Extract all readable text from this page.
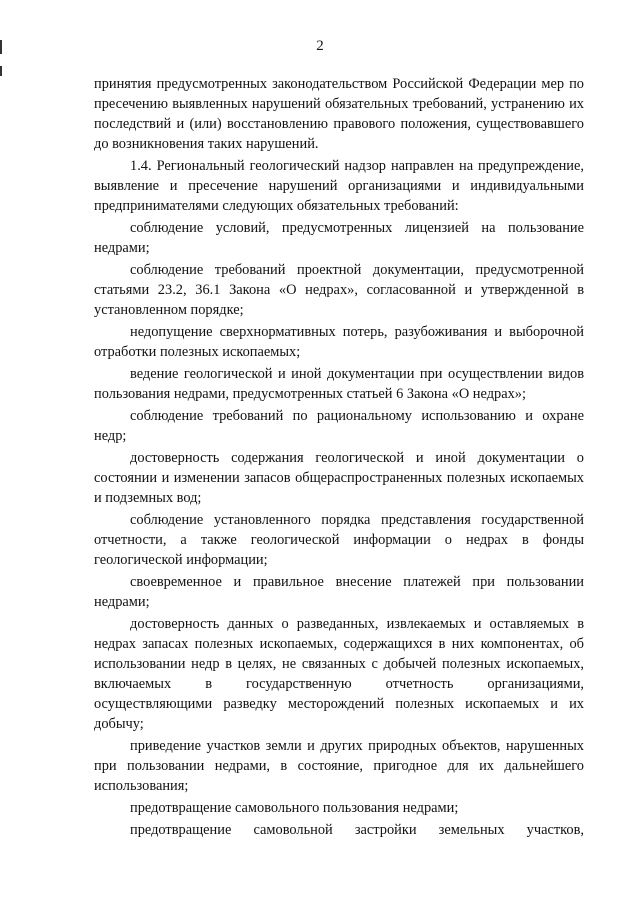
2

принятия предусмотренных законодательством Российской Федерации мер по пресечению выявленных нарушений обязательных требований, устранению их последствий и (или) восстановлению правового положения, существовавшего до возникновения таких нарушений.

1.4. Региональный геологический надзор направлен на предупреждение, выявление и пресечение нарушений организациями и индивидуальными предпринимателями следующих обязательных требований:

соблюдение условий, предусмотренных лицензией на пользование недрами;

соблюдение требований проектной документации, предусмотренной статьями 23.2, 36.1 Закона «О недрах», согласованной и утвержденной в установленном порядке;

недопущение сверхнормативных потерь, разубоживания и выборочной отработки полезных ископаемых;

ведение геологической и иной документации при осуществлении видов пользования недрами, предусмотренных статьей 6 Закона «О недрах»;

соблюдение требований по рациональному использованию и охране недр;

достоверность содержания геологической и иной документации о состоянии и изменении запасов общераспространенных полезных ископаемых и подземных вод;

соблюдение установленного порядка представления государственной отчетности, а также геологической информации о недрах в фонды геологической информации;

своевременное и правильное внесение платежей при пользовании недрами;

достоверность данных о разведанных, извлекаемых и оставляемых в недрах запасах полезных ископаемых, содержащихся в них компонентах, об использовании недр в целях, не связанных с добычей полезных ископаемых, включаемых в государственную отчетность организациями, осуществляющими разведку месторождений полезных ископаемых и их добычу;

приведение участков земли и других природных объектов, нарушенных при пользовании недрами, в состояние, пригодное для их дальнейшего использования;

предотвращение самовольного пользования недрами;

предотвращение самовольной застройки земельных участков,
